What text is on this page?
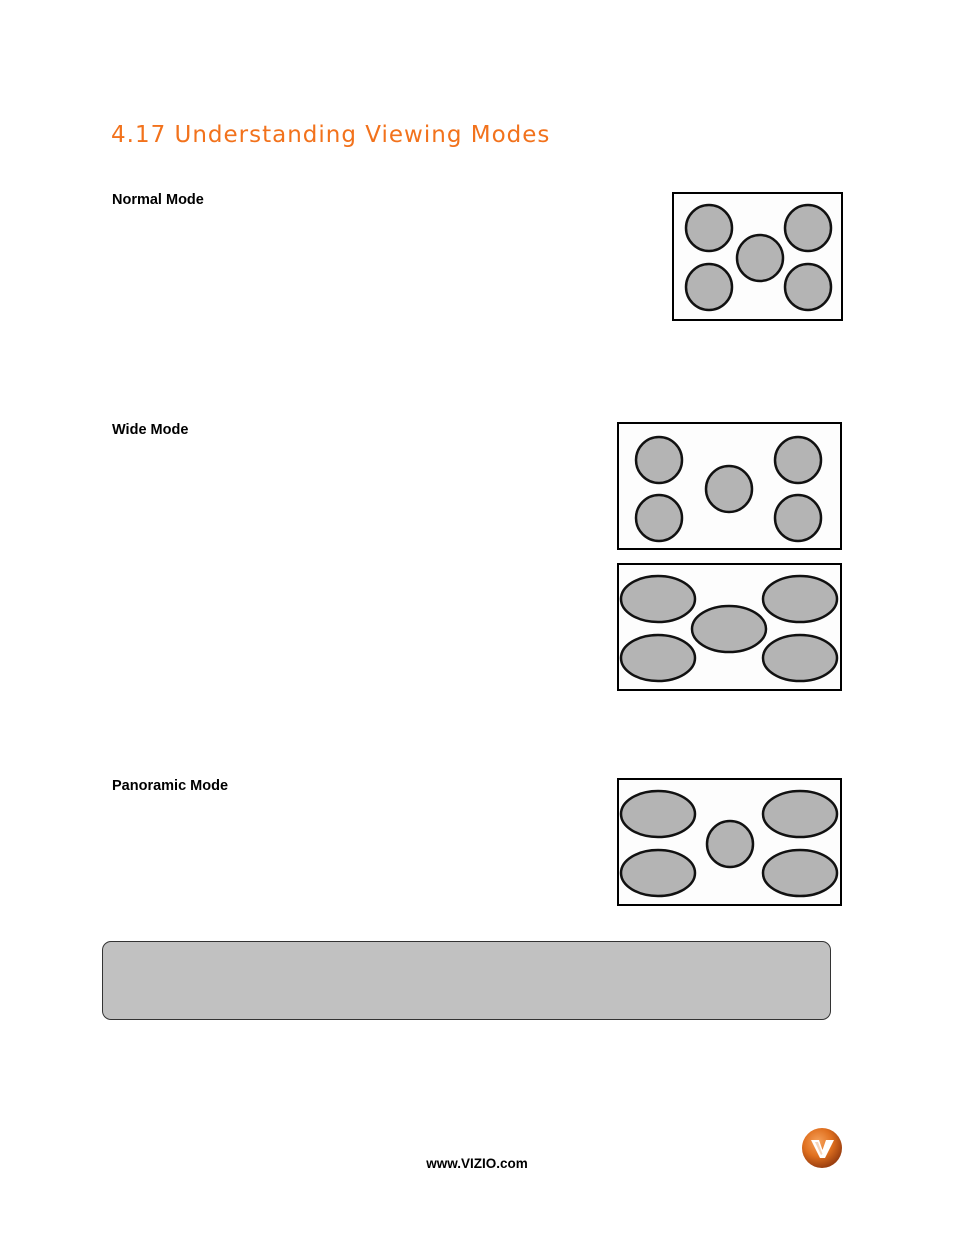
4.17 Understanding Viewing Modes

Normal Mode

Wide Mode

Panoramic Mode

www.VIZIO.com
